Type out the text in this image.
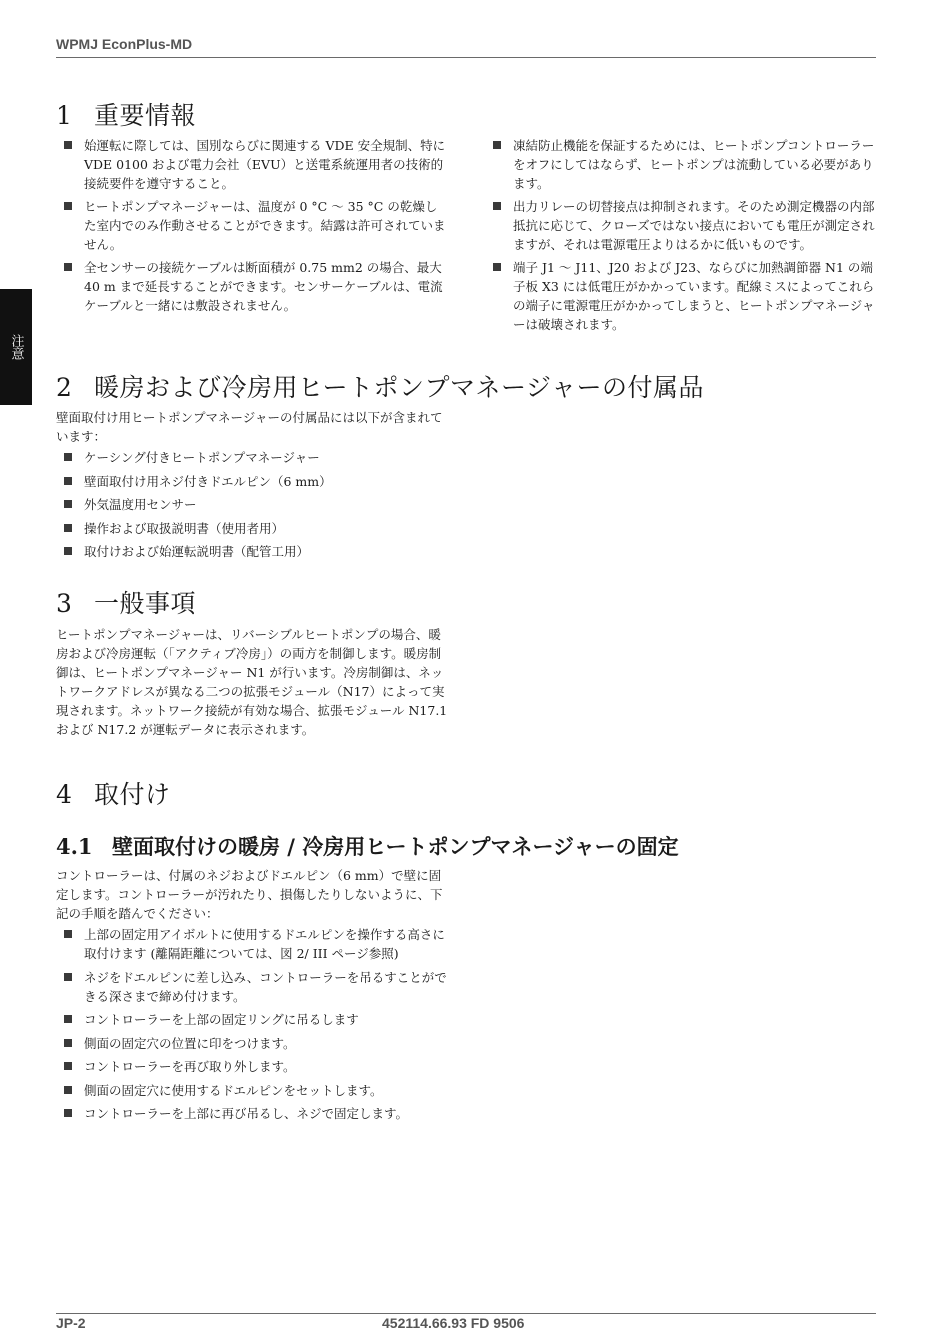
WPMJ EconPlus-MD
注意
1 重要情報
始運転に際しては、国別ならびに関連する VDE 安全規制、特に VDE 0100 および電力会社（EVU）と送電系統運用者の技術的接続要件を遵守すること。
ヒートポンプマネージャーは、温度が 0 °C ～ 35 °C の乾燥した室内でのみ作動させることができます。結露は許可されていません。
全センサーの接続ケーブルは断面積が 0.75 mm2 の場合、最大 40 m まで延長することができます。センサーケーブルは、電流ケーブルと一緒には敷設されません。
凍結防止機能を保証するためには、ヒートポンプコントローラーをオフにしてはならず、ヒートポンプは流動している必要があります。
出力リレーの切替接点は抑制されます。そのため測定機器の内部抵抗に応じて、クローズではない接点においても電圧が測定されますが、それは電源電圧よりはるかに低いものです。
端子 J1 ～ J11、J20 および J23、ならびに加熱調節器 N1 の端子板 X3 には低電圧がかかっています。配線ミスによってこれらの端子に電源電圧がかかってしまうと、ヒートポンプマネージャーは破壊されます。
2 暖房および冷房用ヒートポンプマネージャーの付属品

壁面取付け用ヒートポンプマネージャーの付属品には以下が含まれています：

ケーシング付きヒートポンプマネージャー
壁面取付け用ネジ付きドエルピン（6 mm）
外気温度用センサー
操作および取扱説明書（使用者用）
取付けおよび始運転説明書（配管工用）
3 一般事項

ヒートポンプマネージャーは、リバーシブルヒートポンプの場合、暖房および冷房運転（「アクティブ冷房」）の両方を制御します。暖房制御は、ヒートポンプマネージャー N1 が行います。冷房制御は、ネットワークアドレスが異なる二つの拡張モジュール（N17）によって実現されます。ネットワーク接続が有効な場合、拡張モジュール N17.1 および N17.2 が運転データに表示されます。

4 取付け
4.1 壁面取付けの暖房 / 冷房用ヒートポンプマネージャーの固定

コントローラーは、付属のネジおよびドエルピン（6 mm）で壁に固定します。コントローラーが汚れたり、損傷したりしないように、下記の手順を踏んでください：

上部の固定用アイボルトに使用するドエルピンを操作する高さに取付けます (離隔距離については、図 2/ III ページ参照)
ネジをドエルピンに差し込み、コントローラーを吊るすことができる深さまで締め付けます。
コントローラーを上部の固定リングに吊るします
側面の固定穴の位置に印をつけます。
コントローラーを再び取り外します。
側面の固定穴に使用するドエルピンをセットします。
コントローラーを上部に再び吊るし、ネジで固定します。
JP-2	452114.66.93 FD 9506
